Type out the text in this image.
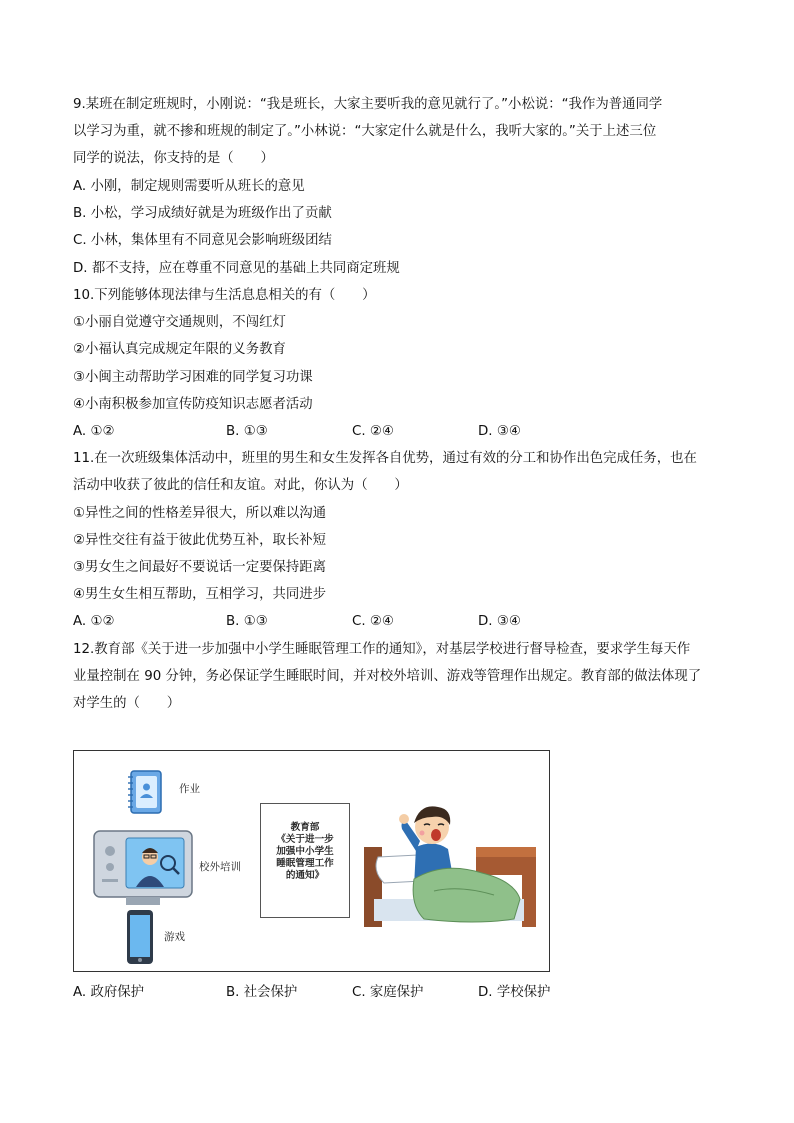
9.某班在制定班规时，小刚说：“我是班长，大家主要听我的意见就行了。”小松说：“我作为普通同学
以学习为重，就不掺和班规的制定了。”小林说：“大家定什么就是什么，我听大家的。”关于上述三位
同学的说法，你支持的是（　　）
A. 小刚，制定规则需要听从班长的意见
B. 小松，学习成绩好就是为班级作出了贡献
C. 小林，集体里有不同意见会影响班级团结
D. 都不支持，应在尊重不同意见的基础上共同商定班规
10.下列能够体现法律与生活息息相关的有（　　）
①小丽自觉遵守交通规则，不闯红灯
②小福认真完成规定年限的义务教育
③小闽主动帮助学习困难的同学复习功课
④小南积极参加宣传防疫知识志愿者活动
A. ①②	B. ①③	C. ②④	D. ③④
11.在一次班级集体活动中，班里的男生和女生发挥各自优势，通过有效的分工和协作出色完成任务，也在
活动中收获了彼此的信任和友谊。对此，你认为（　　）
①异性之间的性格差异很大，所以难以沟通
②异性交往有益于彼此优势互补，取长补短
③男女生之间最好不要说话一定要保持距离
④男生女生相互帮助，互相学习，共同进步
A. ①②	B. ①③	C. ②④	D. ③④
12.教育部《关于进一步加强中小学生睡眠管理工作的通知》，对基层学校进行督导检查，要求学生每天作
业量控制在 90 分钟，务必保证学生睡眠时间，并对校外培训、游戏等管理作出规定。教育部的做法体现了
对学生的（　　）
作业
校外培训
游戏
教育部
《关于进一步
加强中小学生
睡眠管理工作
的通知》
A. 政府保护	B. 社会保护	C. 家庭保护	D. 学校保护
